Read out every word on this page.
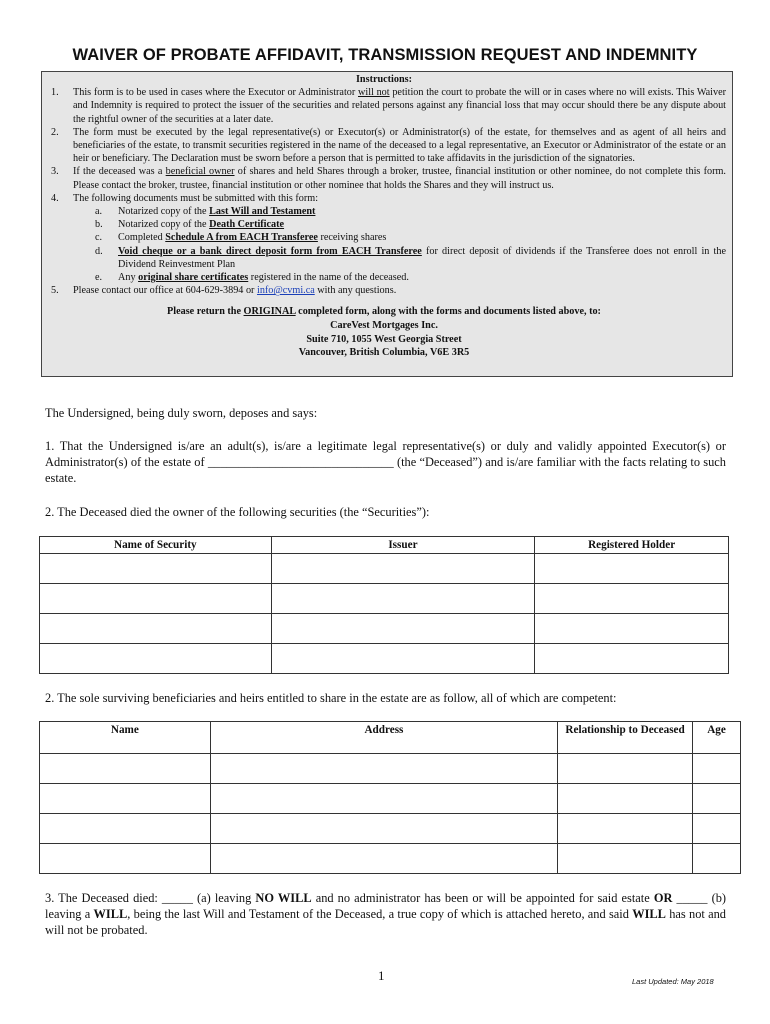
WAIVER OF PROBATE AFFIDAVIT, TRANSMISSION REQUEST AND INDEMNITY
Instructions:
1. This form is to be used in cases where the Executor or Administrator will not petition the court to probate the will or in cases where no will exists. This Waiver and Indemnity is required to protect the issuer of the securities and related persons against any financial loss that may occur should there be any dispute about the rightful owner of the securities at a later date.
2. The form must be executed by the legal representative(s) or Executor(s) or Administrator(s) of the estate, for themselves and as agent of all heirs and beneficiaries of the estate, to transmit securities registered in the name of the deceased to a legal representative, an Executor or Administrator of the estate or an heir or beneficiary. The Declaration must be sworn before a person that is permitted to take affidavits in the jurisdiction of the signatories.
3. If the deceased was a beneficial owner of shares and held Shares through a broker, trustee, financial institution or other nominee, do not complete this form. Please contact the broker, trustee, financial institution or other nominee that holds the Shares and they will instruct us.
4. The following documents must be submitted with this form:
a. Notarized copy of the Last Will and Testament
b. Notarized copy of the Death Certificate
c. Completed Schedule A from EACH Transferee receiving shares
d. Void cheque or a bank direct deposit form from EACH Transferee for direct deposit of dividends if the Transferee does not enroll in the Dividend Reinvestment Plan
e. Any original share certificates registered in the name of the deceased.
5. Please contact our office at 604-629-3894 or info@cvmi.ca with any questions.
Please return the ORIGINAL completed form, along with the forms and documents listed above, to:
CareVest Mortgages Inc.
Suite 710, 1055 West Georgia Street
Vancouver, British Columbia, V6E 3R5
The Undersigned, being duly sworn, deposes and says:
1. That the Undersigned is/are an adult(s), is/are a legitimate legal representative(s) or duly and validly appointed Executor(s) or Administrator(s) of the estate of ______________________________ (the “Deceased”) and is/are familiar with the facts relating to such estate.
2. The Deceased died the owner of the following securities (the “Securities”):
Name of Security	Issuer	Registered Holder

2. The sole surviving beneficiaries and heirs entitled to share in the estate are as follow, all of which are competent:
Name	Address	Relationship to Deceased	Age

3. The Deceased died: _____ (a) leaving NO WILL and no administrator has been or will be appointed for said estate OR _____ (b) leaving a WILL, being the last Will and Testament of the Deceased, a true copy of which is attached hereto, and said WILL has not and will not be probated.
1	Last Updated: May 2018
